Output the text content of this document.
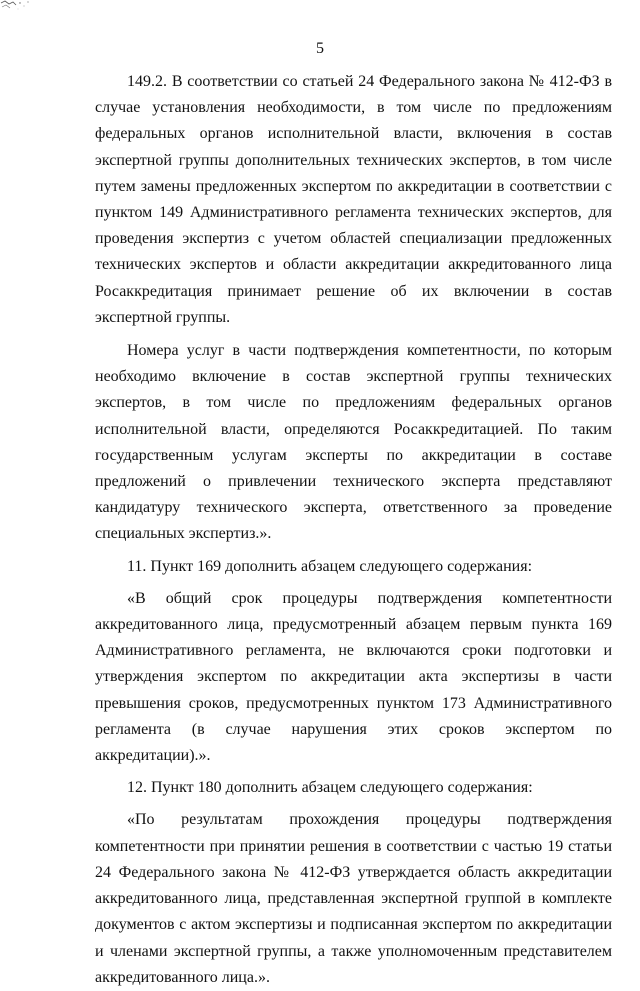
5

149.2. В соответствии со статьей 24 Федерального закона № 412-ФЗ в случае установления необходимости, в том числе по предложениям федеральных органов исполнительной власти, включения в состав экспертной группы дополнительных технических экспертов, в том числе путем замены предложенных экспертом по аккредитации в соответствии с пунктом 149 Административного регламента технических экспертов, для проведения экспертиз с учетом областей специализации предложенных технических экспертов и области аккредитации аккредитованного лица Росаккредитация принимает решение об их включении в состав экспертной группы.

Номера услуг в части подтверждения компетентности, по которым необходимо включение в состав экспертной группы технических экспертов, в том числе по предложениям федеральных органов исполнительной власти, определяются Росаккредитацией. По таким государственным услугам эксперты по аккредитации в составе предложений о привлечении технического эксперта представляют кандидатуру технического эксперта, ответственного за проведение специальных экспертиз.».

11. Пункт 169 дополнить абзацем следующего содержания:

«В общий срок процедуры подтверждения компетентности аккредитованного лица, предусмотренный абзацем первым пункта 169 Административного регламента, не включаются сроки подготовки и утверждения экспертом по аккредитации акта экспертизы в части превышения сроков, предусмотренных пунктом 173 Административного регламента (в случае нарушения этих сроков экспертом по аккредитации).».

12. Пункт 180 дополнить абзацем следующего содержания:

«По результатам прохождения процедуры подтверждения компетентности при принятии решения в соответствии с частью 19 статьи 24 Федерального закона № 412-ФЗ утверждается область аккредитации аккредитованного лица, представленная экспертной группой в комплекте документов с актом экспертизы и подписанная экспертом по аккредитации и членами экспертной группы, а также уполномоченным представителем аккредитованного лица.».
